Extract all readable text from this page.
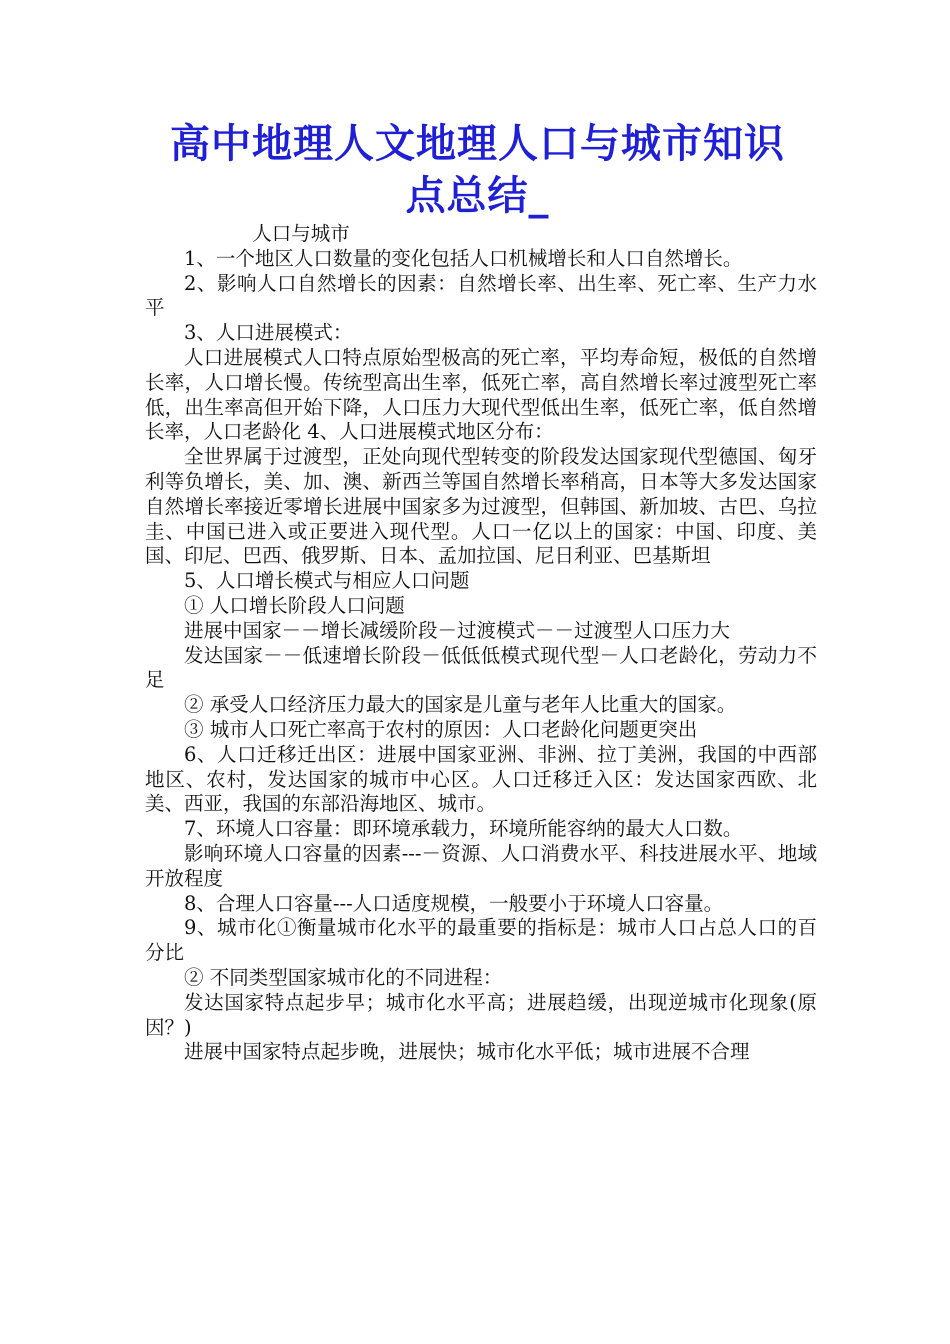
高中地理人文地理人口与城市知识
点总结_

人口与城市

1、一个地区人口数量的变化包括人口机械增长和人口自然增长。

2、影响人口自然增长的因素：自然增长率、出生率、死亡率、生产力水平

3、人口进展模式：

人口进展模式人口特点原始型极高的死亡率，平均寿命短，极低的自然增长率，人口增长慢。传统型高出生率，低死亡率，高自然增长率过渡型死亡率低，出生率高但开始下降，人口压力大现代型低出生率，低死亡率，低自然增长率，人口老龄化 4、人口进展模式地区分布：

全世界属于过渡型，正处向现代型转变的阶段发达国家现代型德国、匈牙利等负增长，美、加、澳、新西兰等国自然增长率稍高，日本等大多发达国家自然增长率接近零增长进展中国家多为过渡型，但韩国、新加坡、古巴、乌拉圭、中国已进入或正要进入现代型。人口一亿以上的国家：中国、印度、美国、印尼、巴西、俄罗斯、日本、孟加拉国、尼日利亚、巴基斯坦

5、人口增长模式与相应人口问题

① 人口增长阶段人口问题

进展中国家－－增长减缓阶段－过渡模式－－过渡型人口压力大

发达国家－－低速增长阶段－低低低模式现代型－人口老龄化，劳动力不足

② 承受人口经济压力最大的国家是儿童与老年人比重大的国家。

③ 城市人口死亡率高于农村的原因：人口老龄化问题更突出

6、人口迁移迁出区：进展中国家亚洲、非洲、拉丁美洲，我国的中西部地区、农村，发达国家的城市中心区。人口迁移迁入区：发达国家西欧、北美、西亚，我国的东部沿海地区、城市。

7、环境人口容量：即环境承载力，环境所能容纳的最大人口数。

影响环境人口容量的因素---－资源、人口消费水平、科技进展水平、地域开放程度

8、合理人口容量---人口适度规模，一般要小于环境人口容量。

9、城市化①衡量城市化水平的最重要的指标是：城市人口占总人口的百分比

② 不同类型国家城市化的不同进程：

发达国家特点起步早；城市化水平高；进展趋缓，出现逆城市化现象(原因？)

进展中国家特点起步晚，进展快；城市化水平低；城市进展不合理
